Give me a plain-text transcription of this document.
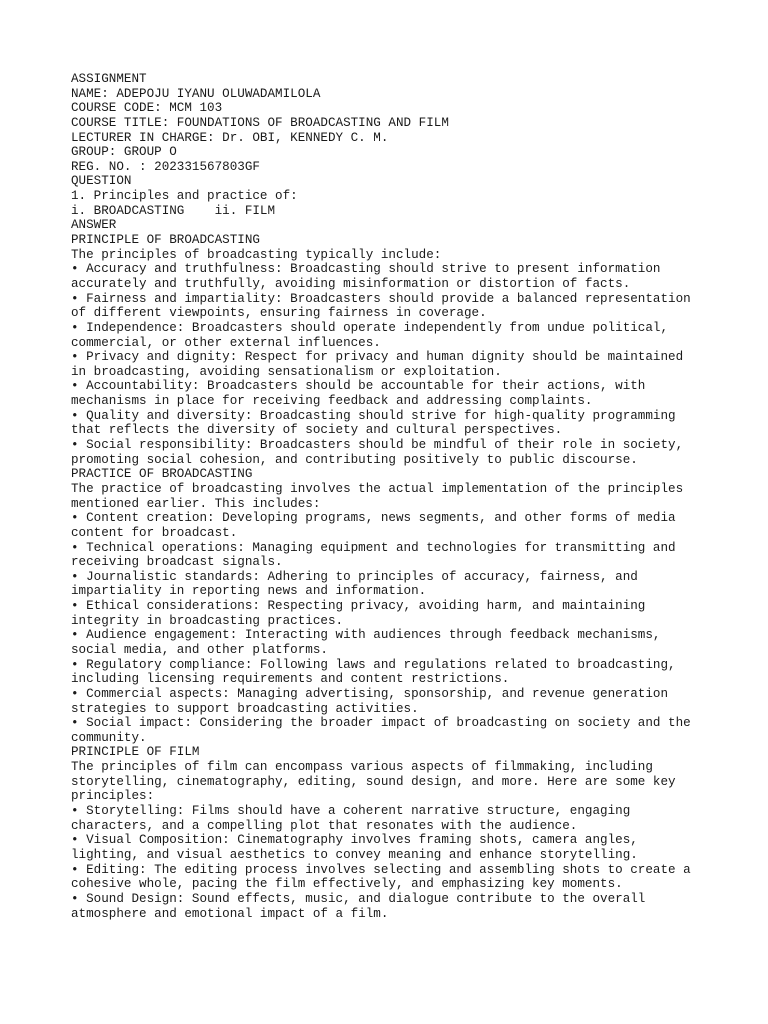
ASSIGNMENT
NAME: ADEPOJU IYANU OLUWADAMILOLA
COURSE CODE: MCM 103
COURSE TITLE: FOUNDATIONS OF BROADCASTING AND FILM
LECTURER IN CHARGE: Dr. OBI, KENNEDY C. M.
GROUP: GROUP O
REG. NO. : 202331567803GF
QUESTION
1. Principles and practice of:
i. BROADCASTING    ii. FILM
ANSWER
PRINCIPLE OF BROADCASTING
The principles of broadcasting typically include:
• Accuracy and truthfulness: Broadcasting should strive to present information
accurately and truthfully, avoiding misinformation or distortion of facts.
• Fairness and impartiality: Broadcasters should provide a balanced representation
of different viewpoints, ensuring fairness in coverage.
• Independence: Broadcasters should operate independently from undue political,
commercial, or other external influences.
• Privacy and dignity: Respect for privacy and human dignity should be maintained
in broadcasting, avoiding sensationalism or exploitation.
• Accountability: Broadcasters should be accountable for their actions, with
mechanisms in place for receiving feedback and addressing complaints.
• Quality and diversity: Broadcasting should strive for high-quality programming
that reflects the diversity of society and cultural perspectives.
• Social responsibility: Broadcasters should be mindful of their role in society,
promoting social cohesion, and contributing positively to public discourse.
PRACTICE OF BROADCASTING
The practice of broadcasting involves the actual implementation of the principles
mentioned earlier. This includes:
• Content creation: Developing programs, news segments, and other forms of media
content for broadcast.
• Technical operations: Managing equipment and technologies for transmitting and
receiving broadcast signals.
• Journalistic standards: Adhering to principles of accuracy, fairness, and
impartiality in reporting news and information.
• Ethical considerations: Respecting privacy, avoiding harm, and maintaining
integrity in broadcasting practices.
• Audience engagement: Interacting with audiences through feedback mechanisms,
social media, and other platforms.
• Regulatory compliance: Following laws and regulations related to broadcasting,
including licensing requirements and content restrictions.
• Commercial aspects: Managing advertising, sponsorship, and revenue generation
strategies to support broadcasting activities.
• Social impact: Considering the broader impact of broadcasting on society and the
community.
PRINCIPLE OF FILM
The principles of film can encompass various aspects of filmmaking, including
storytelling, cinematography, editing, sound design, and more. Here are some key
principles:
• Storytelling: Films should have a coherent narrative structure, engaging
characters, and a compelling plot that resonates with the audience.
• Visual Composition: Cinematography involves framing shots, camera angles,
lighting, and visual aesthetics to convey meaning and enhance storytelling.
• Editing: The editing process involves selecting and assembling shots to create a
cohesive whole, pacing the film effectively, and emphasizing key moments.
• Sound Design: Sound effects, music, and dialogue contribute to the overall
atmosphere and emotional impact of a film.
